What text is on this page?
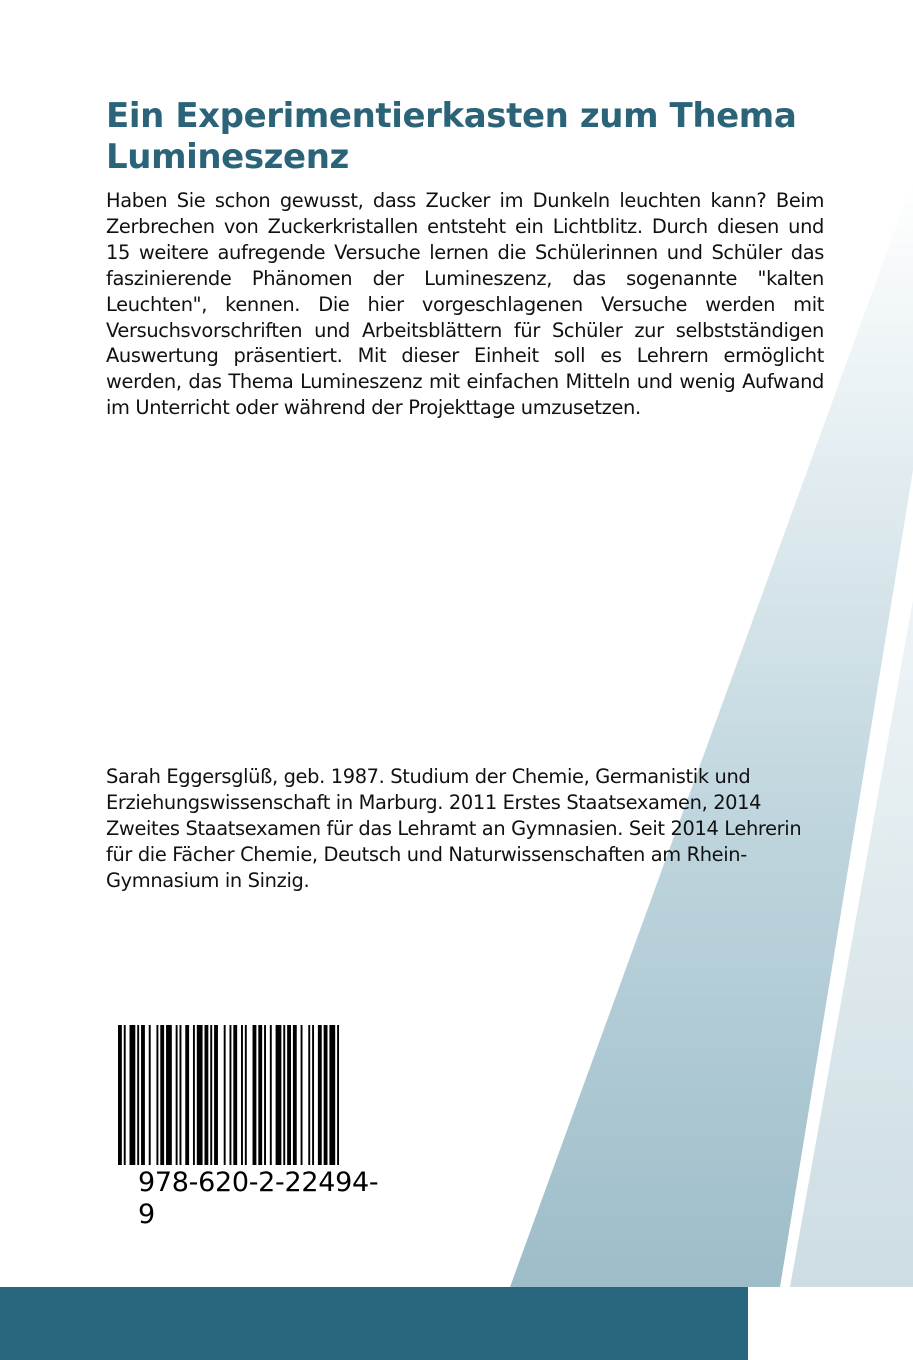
Ein Experimentierkasten zum Thema
Lumineszenz

Haben Sie schon gewusst, dass Zucker im Dunkeln leuchten kann? Beim Zerbrechen von Zuckerkristallen entsteht ein Lichtblitz. Durch diesen und 15 weitere aufregende Versuche lernen die Schülerinnen und Schüler das faszinierende Phänomen der Lumineszenz, das sogenannte "kalten Leuchten", kennen. Die hier vorgeschlagenen Versuche werden mit Versuchsvorschriften und Arbeitsblättern für Schüler zur selbstständigen Auswertung präsentiert. Mit dieser Einheit soll es Lehrern ermöglicht werden, das Thema Lumineszenz mit einfachen Mitteln und wenig Aufwand im Unterricht oder während der Projekttage umzusetzen.

Sarah Eggersglüß, geb. 1987. Studium der Chemie, Germanistik und Erziehungswissenschaft in Marburg. 2011 Erstes Staatsexamen, 2014 Zweites Staatsexamen für das Lehramt an Gymnasien. Seit 2014 Lehrerin für die Fächer Chemie, Deutsch und Naturwissenschaften am Rhein-Gymnasium in Sinzig.

978-620-2-22494-9
